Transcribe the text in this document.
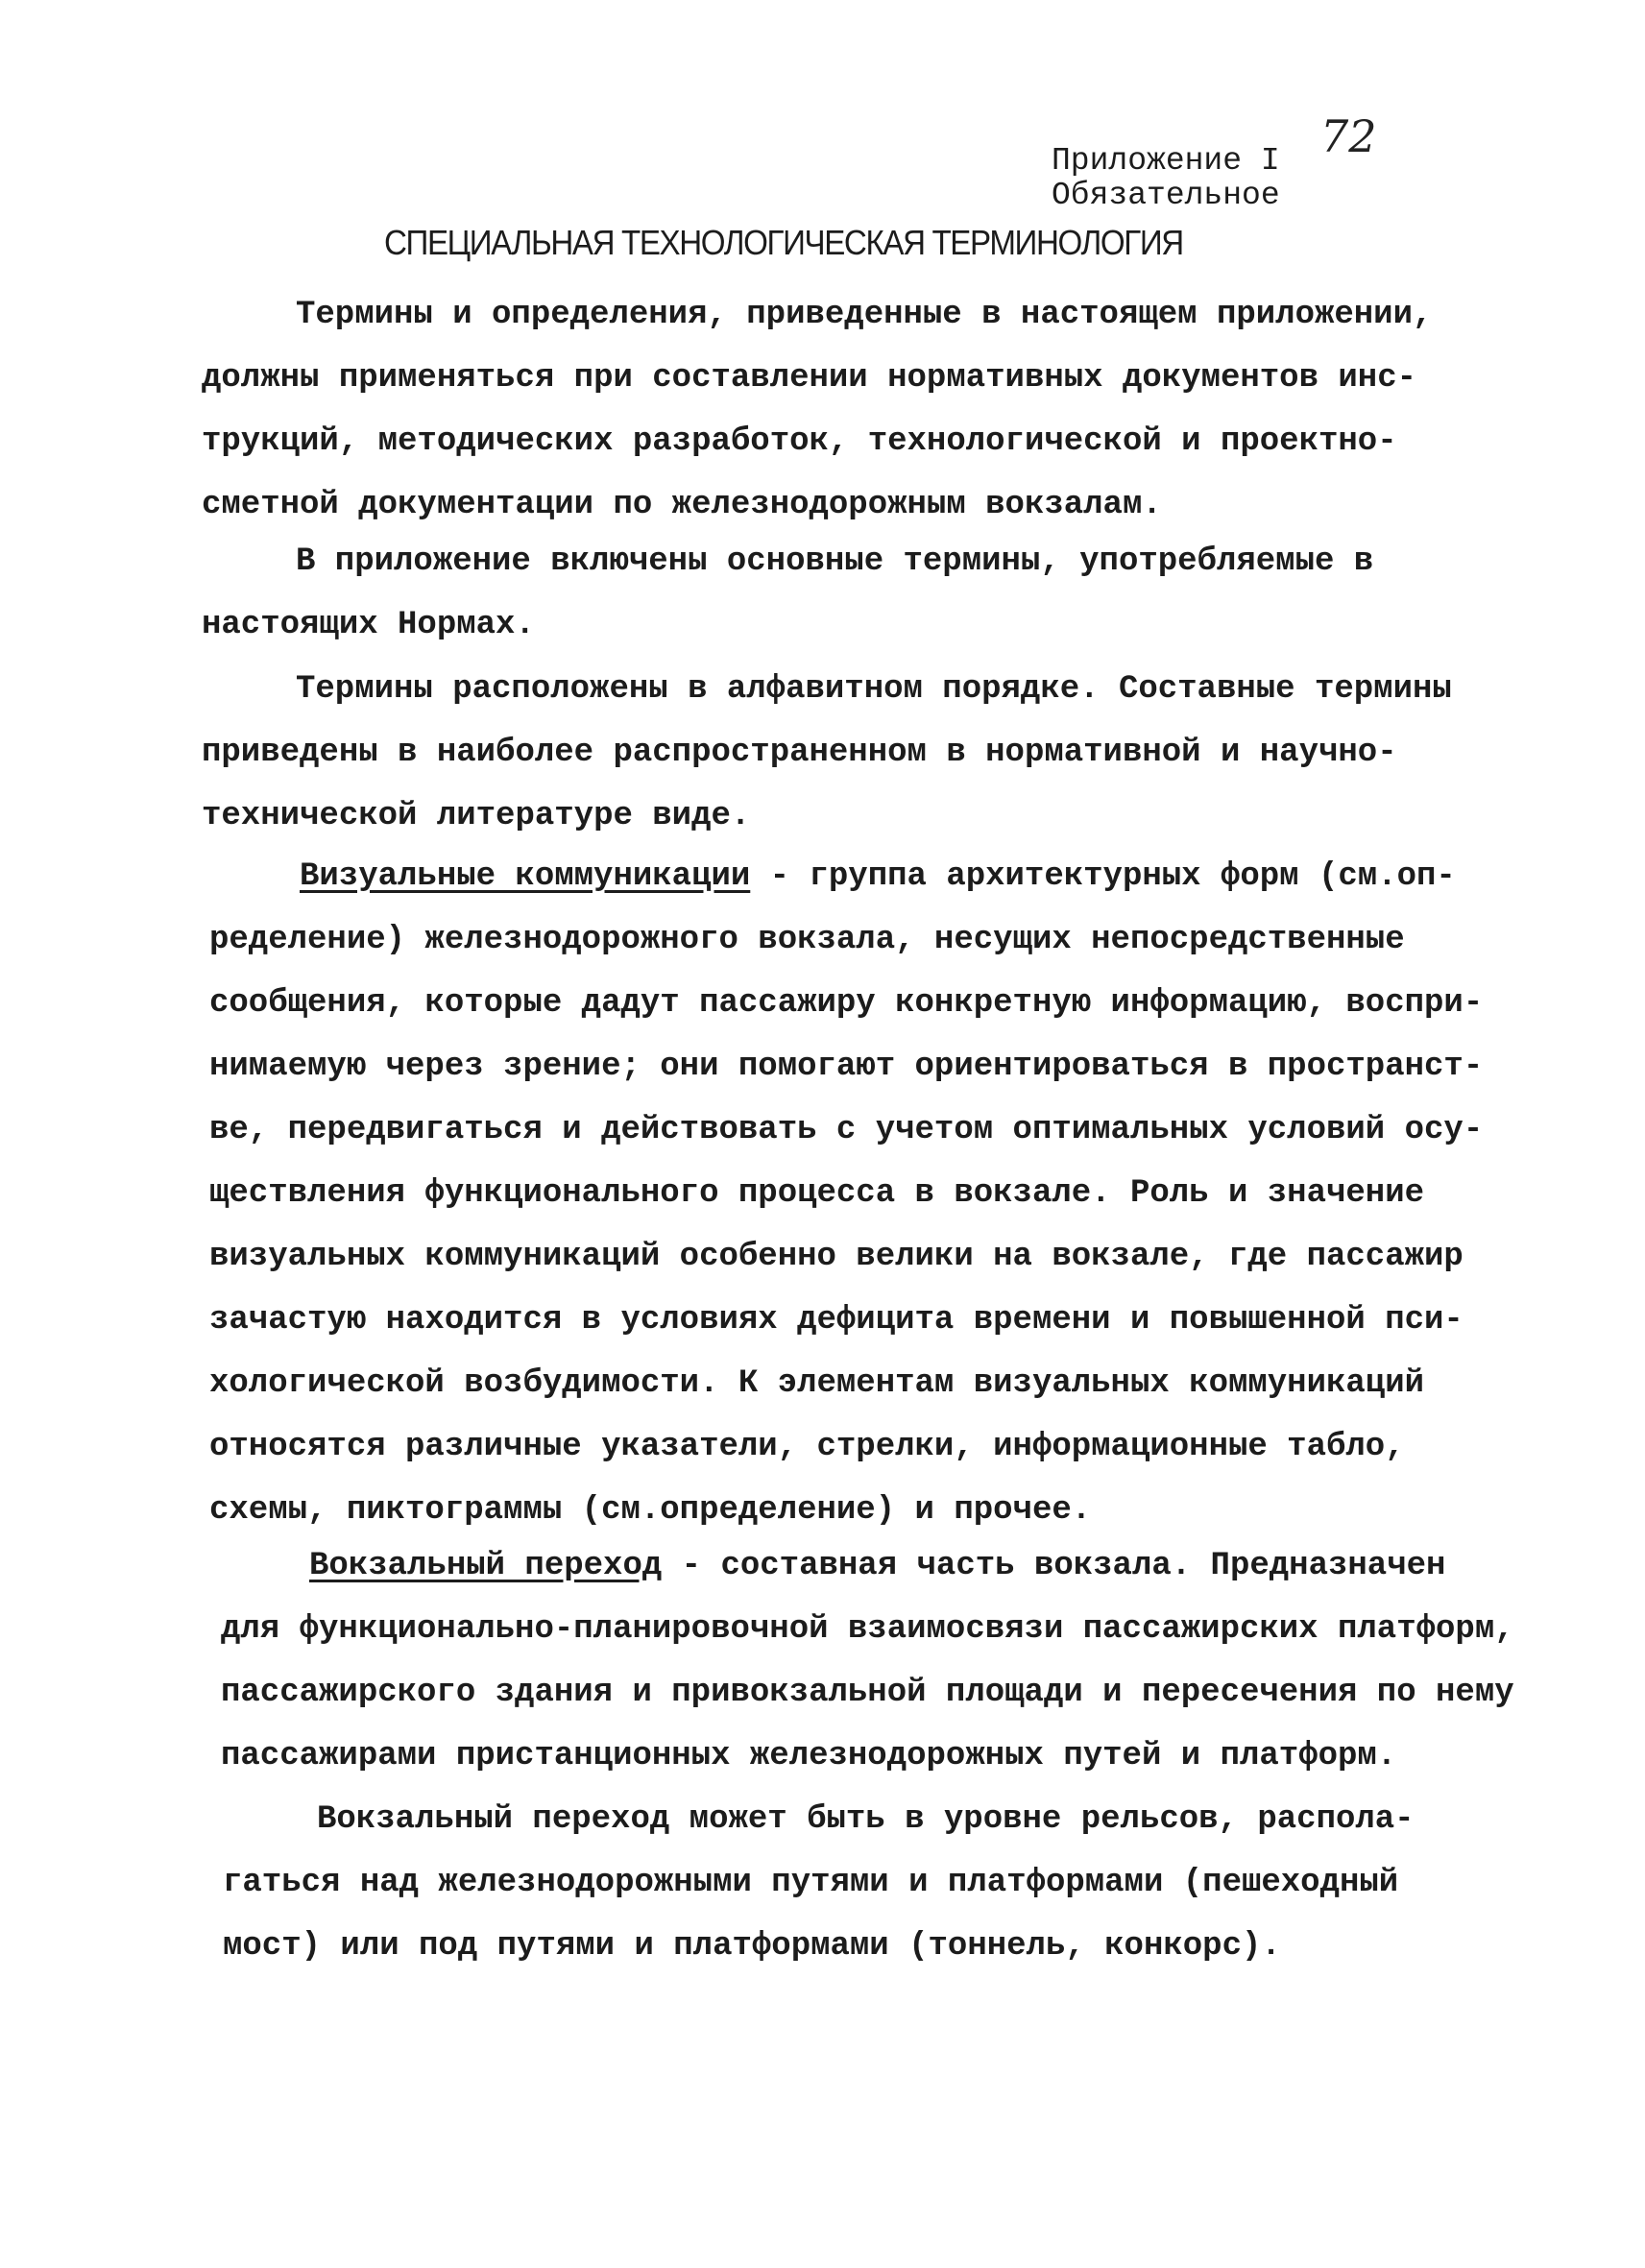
72
Приложение I
Обязательное
СПЕЦИАЛЬНАЯ ТЕХНОЛОГИЧЕСКАЯ ТЕРМИНОЛОГИЯ
Термины и определения, приведенные в настоящем приложении,
должны применяться при составлении нормативных документов инс-
трукций, методических разработок, технологической и проектно-
сметной документации по железнодорожным вокзалам.
В приложение включены основные термины, употребляемые в
настоящих Нормах.
Термины расположены в алфавитном порядке. Составные термины
приведены в наиболее распространенном в нормативной и научно-
технической литературе виде.
Визуальные коммуникации - группа архитектурных форм (см.оп-
ределение) железнодорожного вокзала, несущих непосредственные
сообщения, которые дадут пассажиру конкретную информацию, воспри-
нимаемую через зрение; они помогают ориентироваться в пространст-
ве, передвигаться и действовать с учетом оптимальных условий осу-
ществления функционального процесса в вокзале. Роль и значение
визуальных коммуникаций особенно велики на вокзале, где пассажир
зачастую находится в условиях дефицита времени и повышенной пси-
хологической возбудимости. К элементам визуальных коммуникаций
относятся различные указатели, стрелки, информационные табло,
схемы, пиктограммы (см.определение) и прочее.
Вокзальный переход - составная часть вокзала. Предназначен
для функционально-планировочной взаимосвязи пассажирских платформ,
пассажирского здания и привокзальной площади и пересечения по нему
пассажирами пристанционных железнодорожных путей и платформ.
Вокзальный переход может быть в уровне рельсов, распола-
гаться над железнодорожными путями и платформами (пешеходный
мост) или под путями и платформами (тоннель, конкорс).
